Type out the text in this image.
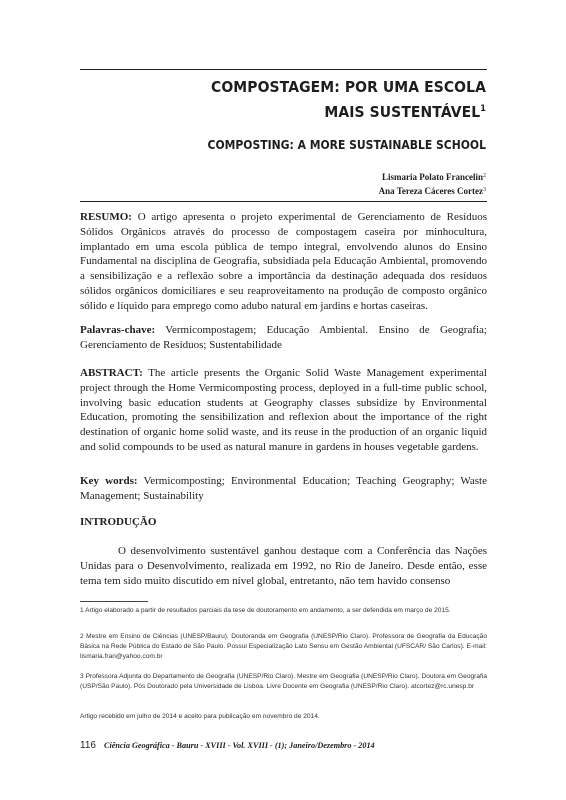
COMPOSTAGEM: POR UMA ESCOLA
MAIS SUSTENTÁVEL$^1$
COMPOSTING: A MORE SUSTAINABLE SCHOOL
Lismaria Polato Francelin$^2$
Ana Tereza Cáceres Cortez$^3$

RESUMO: O artigo apresenta o projeto experimental de Gerenciamento de Resíduos Sólidos Orgânicos através do processo de compostagem caseira por minhocultura, implantado em uma escola pública de tempo integral, envolvendo alunos do Ensino Fundamental na disciplina de Geografia, subsidiada pela Educação Ambiental, promovendo a sensibilização e a reflexão sobre a importância da destinação adequada dos resíduos sólidos orgânicos domiciliares e seu reaproveitamento na produção de composto orgânico sólido e líquido para emprego como adubo natural em jardins e hortas caseiras.

Palavras-chave: Vermicompostagem; Educação Ambiental. Ensino de Geografia; Gerenciamento de Resíduos; Sustentabilidade

ABSTRACT: The article presents the Organic Solid Waste Management experimental project through the Home Vermicomposting process, deployed in a full-time public school, involving basic education students at Geography classes subsidize by Environmental Education, promoting the sensibilization and reflexion about the importance of the right destination of organic home solid waste, and its reuse in the production of an organic liquid and solid compounds to be used as natural manure in gardens in houses vegetable gardens.

Key words: Vermicomposting; Environmental Education; Teaching Geography; Waste Management; Sustainability

INTRODUÇÃO

O desenvolvimento sustentável ganhou destaque com a Conferência das Nações Unidas para o Desenvolvimento, realizada em 1992, no Rio de Janeiro. Desde então, esse tema tem sido muito discutido em nível global, entretanto, não tem havido consenso

1 Artigo elaborado a partir de resultados parciais da tese de doutoramento em andamento, a ser defendida em março de 2015.

2 Mestre em Ensino de Ciências (UNESP/Bauru). Doutoranda em Geografia (UNESP/Rio Claro). Professora de Geografia da Educação Básica na Rede Pública do Estado de São Paulo. Possui Especialização Lato Sensu em Gestão Ambiental (UFSCAR/ São Carlos). E-mail: lismaria.fran@yahoo.com.br

3 Professora Adjunta do Departamento de Geografia (UNESP/Rio Claro). Mestre em Geografia (UNESP/Rio Claro). Doutora em Geografia (USP/São Paulo). Pós Doutorado pela Universidade de Lisboa. Livre Docente em Geografia (UNESP/Rio Claro). atcortez@rc.unesp.br

Artigo recebido em julho de 2014 e aceito para publicação em novembro de 2014.

116 Ciência Geográfica - Bauru - XVIII - Vol. XVIII - (1); Janeiro/Dezembro - 2014
